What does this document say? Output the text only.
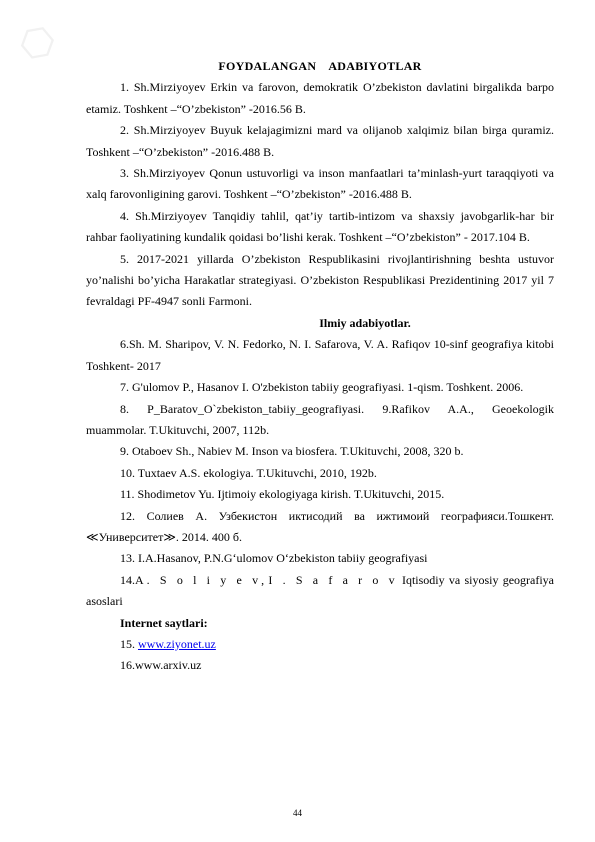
⬡	FOYDALANGAN ADABIYOTLAR
1. Sh.Mirziyoyev Erkin va farovon, demokratik O’zbekiston davlatini birgalikda barpo etamiz. Toshkent –“O’zbekiston” -2016.56 B.
2. Sh.Mirziyoyev Buyuk kelajagimizni mard va olijanob xalqimiz bilan birga quramiz. Toshkent –“O’zbekiston” -2016.488 B.
3. Sh.Mirziyoyev Qonun ustuvorligi va inson manfaatlari ta’minlash-yurt taraqqiyoti va xalq farovonligining garovi. Toshkent –“O’zbekiston” -2016.488 B.
4. Sh.Mirziyoyev Tanqidiy tahlil, qat’iy tartib-intizom va shaxsiy javobgarlik-har bir rahbar faoliyatining kundalik qoidasi bo’lishi kerak. Toshkent –“O’zbekiston” - 2017.104 B.
5. 2017-2021 yillarda O’zbekiston Respublikasini rivojlantirishning beshta ustuvor yo’nalishi bo’yicha Harakatlar strategiyasi. O’zbekiston Respublikasi Prezidentining 2017 yil 7 fevraldagi PF-4947 sonli Farmoni.
Ilmiy adabiyotlar.
6.Sh. M. Sharipov, V. N. Fedorko, N. I. Safarova, V. A. Rafiqov 10-sinf geografiya kitobi Toshkent- 2017
7. G'ulomov P., Hasanov I. O'zbekiston tabiiy geografiyasi. 1-qism. Toshkent. 2006.
8. P_Baratov_O`zbekiston_tabiiy_geografiyasi. 9.Rafikov A.A., Geoekologik muammolar. T.Ukituvchi, 2007, 112b.
9. Otaboev Sh., Nabiev M. Inson va biosfera. T.Ukituvchi, 2008, 320 b.
10. Tuxtaev A.S. ekologiya. T.Ukituvchi, 2010, 192b.
11. Shodimetov Yu. Ijtimoiy ekologiyaga kirish. T.Ukituvchi, 2015.
12. Солиев А. Узбекистон иктисодий ва ижтимоий географияси.Тошкент. ≪Университет≫. 2014. 400 б.
13. I.A.Hasanov, P.N.G‘ulomov O‘zbekiston tabiiy geografiyasi
14.A. S o l i y e v, I . S a f a r o v Iqtisodiy va siyosiy geografiya asoslari
Internet saytlari:
15. www.ziyonet.uz
16.www.arxiv.uz
44
